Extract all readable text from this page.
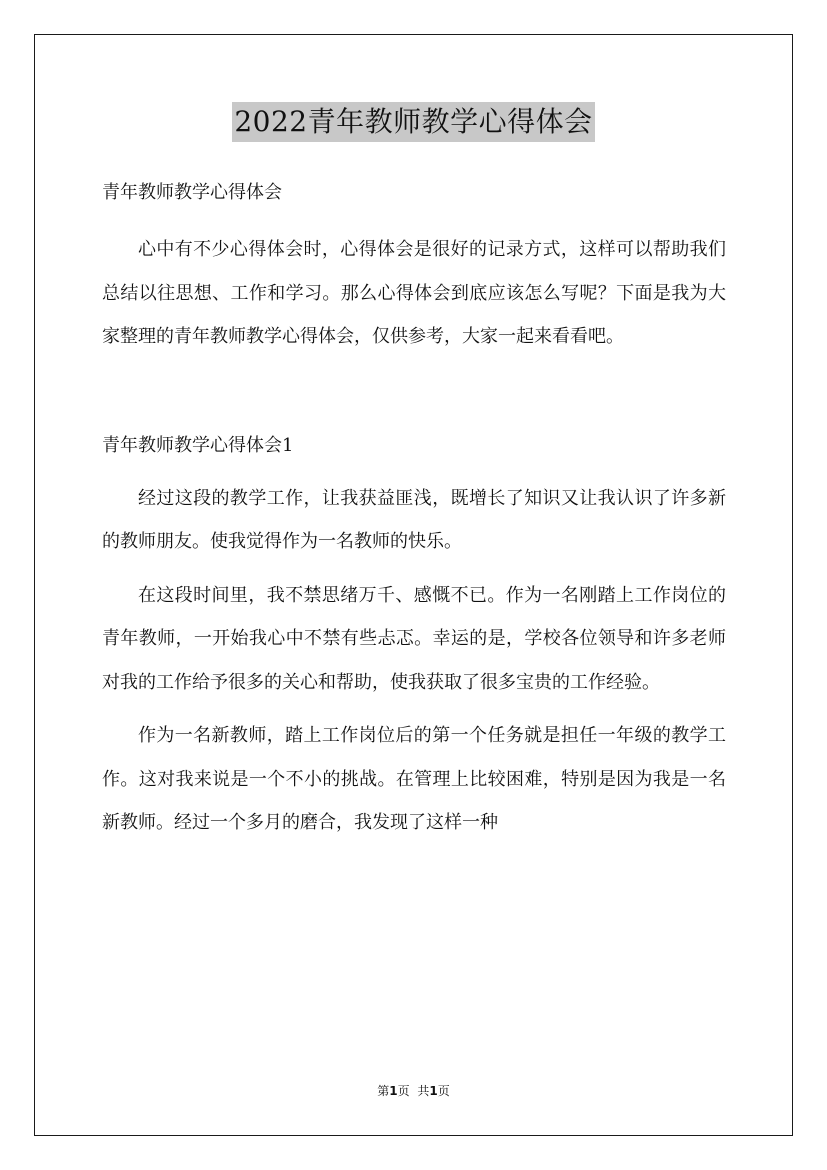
2022青年教师教学心得体会

青年教师教学心得体会

心中有不少心得体会时，心得体会是很好的记录方式，这样可以帮助我们总结以往思想、工作和学习。那么心得体会到底应该怎么写呢？下面是我为大家整理的青年教师教学心得体会，仅供参考，大家一起来看看吧。

青年教师教学心得体会1

经过这段的教学工作，让我获益匪浅，既增长了知识又让我认识了许多新的教师朋友。使我觉得作为一名教师的快乐。

在这段时间里，我不禁思绪万千、感慨不已。作为一名刚踏上工作岗位的青年教师，一开始我心中不禁有些忐忑。幸运的是，学校各位领导和许多老师对我的工作给予很多的关心和帮助，使我获取了很多宝贵的工作经验。

作为一名新教师，踏上工作岗位后的第一个任务就是担任一年级的教学工作。这对我来说是一个不小的挑战。在管理上比较困难，特别是因为我是一名新教师。经过一个多月的磨合，我发现了这样一种

第1页 共1页
